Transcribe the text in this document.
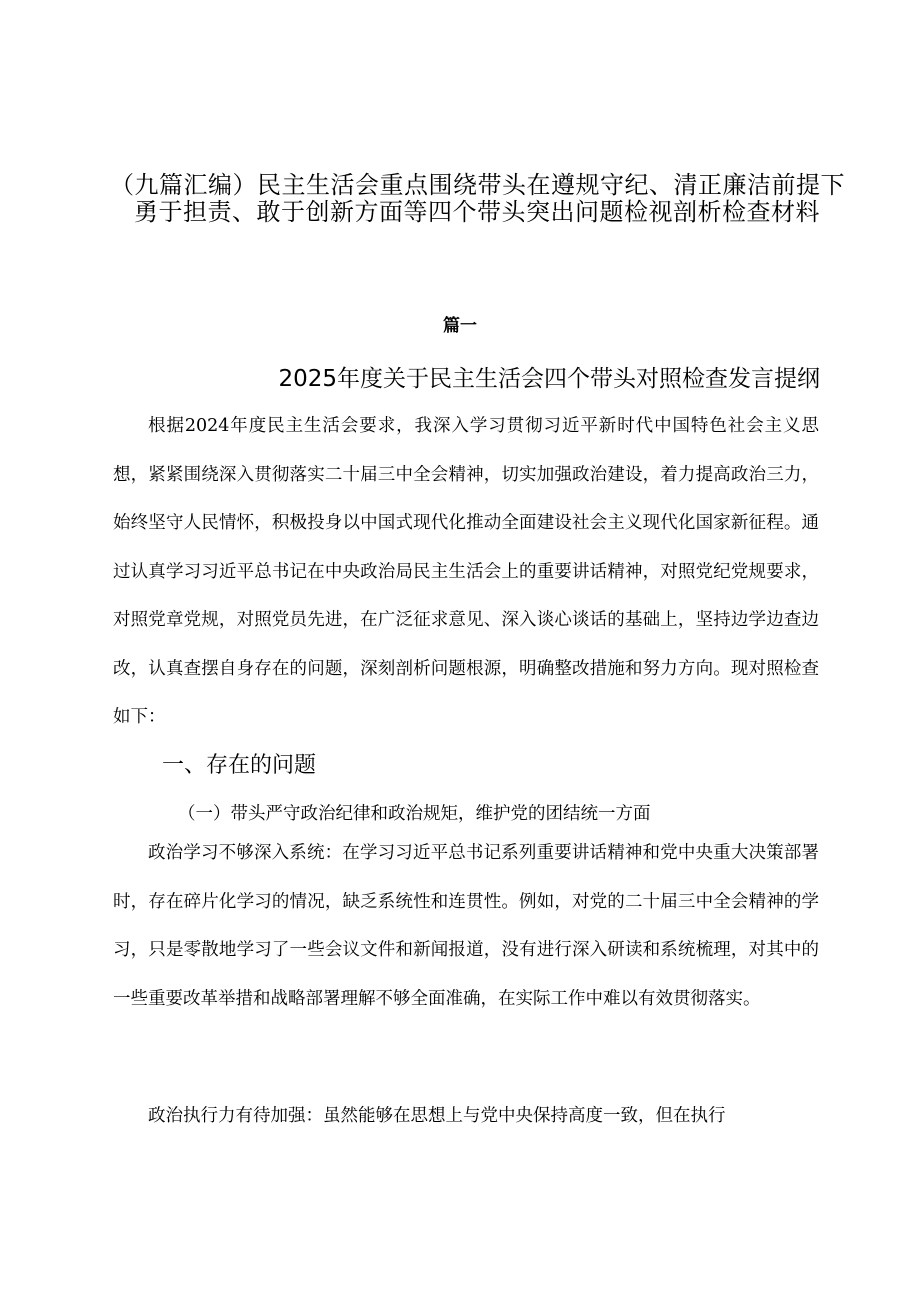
（九篇汇编）民主生活会重点围绕带头在遵规守纪、清正廉洁前提下
勇于担责、敢于创新方面等四个带头突出问题检视剖析检查材料
篇一
2025年度关于民主生活会四个带头对照检查发言提纲

根据2024年度民主生活会要求，我深入学习贯彻习近平新时代中国特色社会主义思想，紧紧围绕深入贯彻落实二十届三中全会精神，切实加强政治建设，着力提高政治三力，始终坚守人民情怀，积极投身以中国式现代化推动全面建设社会主义现代化国家新征程。通过认真学习习近平总书记在中央政治局民主生活会上的重要讲话精神，对照党纪党规要求，对照党章党规，对照党员先进，在广泛征求意见、深入谈心谈话的基础上，坚持边学边查边改，认真查摆自身存在的问题，深刻剖析问题根源，明确整改措施和努力方向。现对照检查如下：

一、存在的问题
（一）带头严守政治纪律和政治规矩，维护党的团结统一方面

政治学习不够深入系统：在学习习近平总书记系列重要讲话精神和党中央重大决策部署时，存在碎片化学习的情况，缺乏系统性和连贯性。例如，对党的二十届三中全会精神的学习，只是零散地学习了一些会议文件和新闻报道，没有进行深入研读和系统梳理，对其中的一些重要改革举措和战略部署理解不够全面准确，在实际工作中难以有效贯彻落实。

政治执行力有待加强：虽然能够在思想上与党中央保持高度一致，但在执行
